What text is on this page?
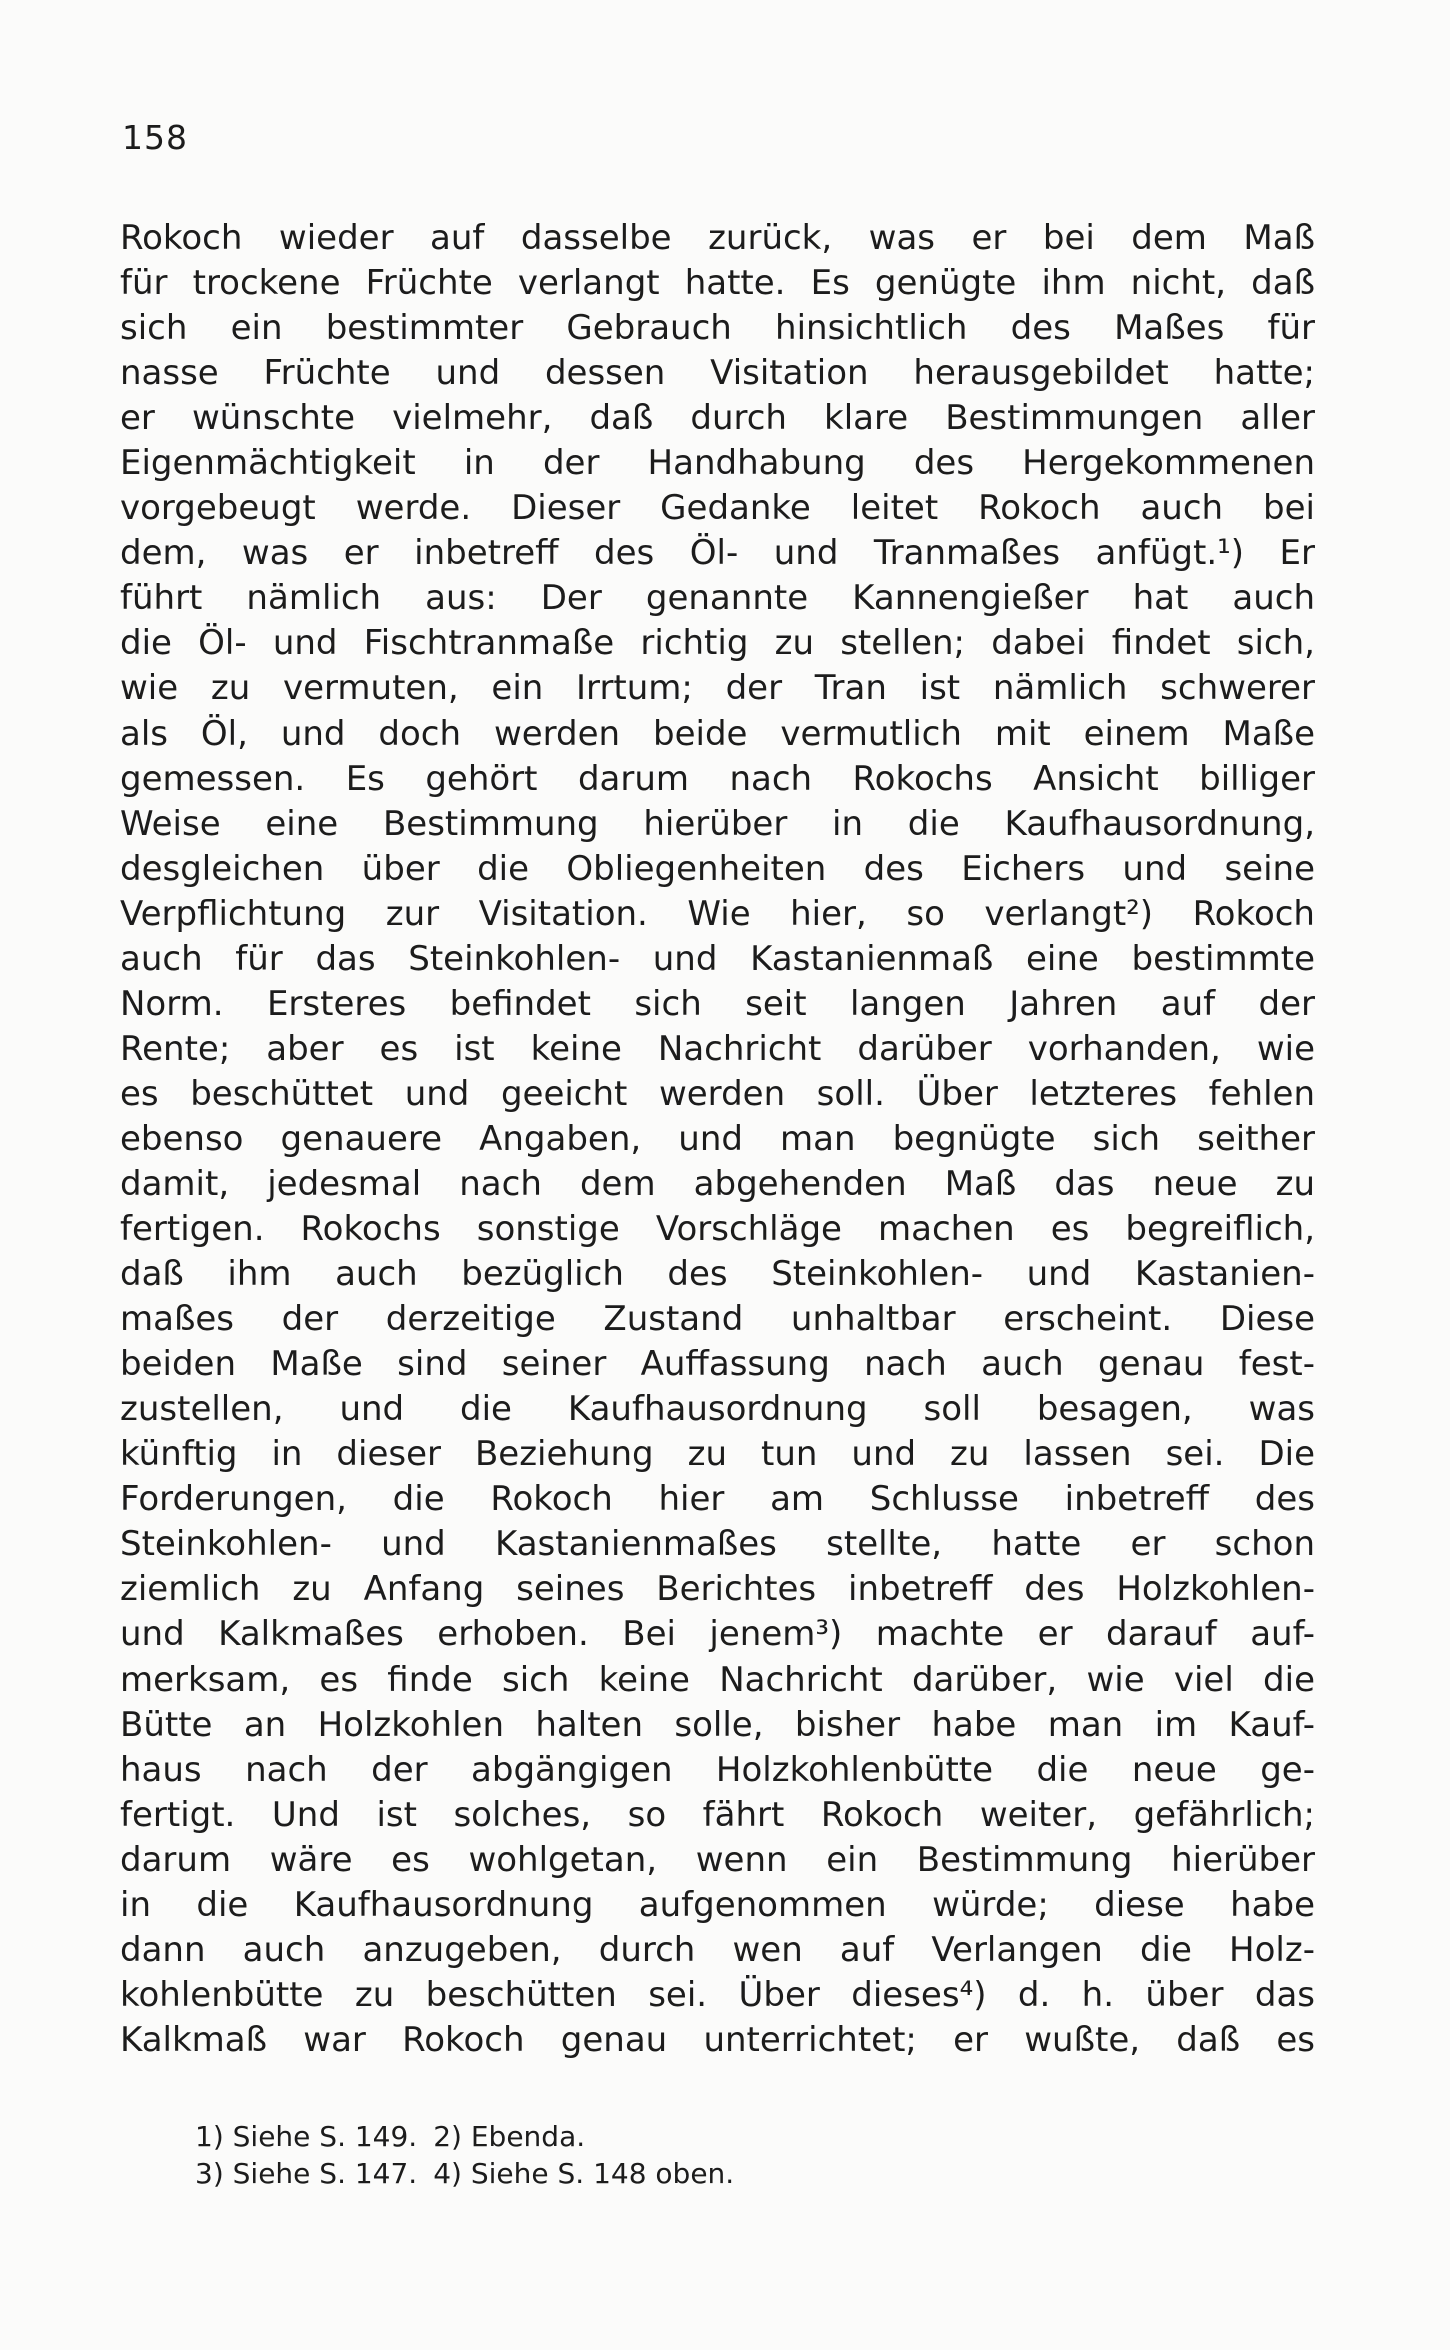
158
Rokoch wieder auf dasselbe zurück, was er bei dem Maß
für trockene Früchte verlangt hatte. Es genügte ihm nicht, daß
sich ein bestimmter Gebrauch hinsichtlich des Maßes für
nasse Früchte und dessen Visitation herausgebildet hatte;
er wünschte vielmehr, daß durch klare Bestimmungen aller
Eigenmächtigkeit in der Handhabung des Hergekommenen
vorgebeugt werde. Dieser Gedanke leitet Rokoch auch bei
dem, was er inbetreff des Öl- und Tranmaßes anfügt.¹) Er
führt nämlich aus: Der genannte Kannengießer hat auch
die Öl- und Fischtranmaße richtig zu stellen; dabei findet sich,
wie zu vermuten, ein Irrtum; der Tran ist nämlich schwerer
als Öl, und doch werden beide vermutlich mit einem Maße
gemessen. Es gehört darum nach Rokochs Ansicht billiger
Weise eine Bestimmung hierüber in die Kaufhausordnung,
desgleichen über die Obliegenheiten des Eichers und seine
Verpflichtung zur Visitation. Wie hier, so verlangt²) Rokoch
auch für das Steinkohlen- und Kastanienmaß eine bestimmte
Norm. Ersteres befindet sich seit langen Jahren auf der
Rente; aber es ist keine Nachricht darüber vorhanden, wie
es beschüttet und geeicht werden soll. Über letzteres fehlen
ebenso genauere Angaben, und man begnügte sich seither
damit, jedesmal nach dem abgehenden Maß das neue zu
fertigen. Rokochs sonstige Vorschläge machen es begreiflich,
daß ihm auch bezüglich des Steinkohlen- und Kastanien-
maßes der derzeitige Zustand unhaltbar erscheint. Diese
beiden Maße sind seiner Auffassung nach auch genau fest-
zustellen, und die Kaufhausordnung soll besagen, was
künftig in dieser Beziehung zu tun und zu lassen sei. Die
Forderungen, die Rokoch hier am Schlusse inbetreff des
Steinkohlen- und Kastanienmaßes stellte, hatte er schon
ziemlich zu Anfang seines Berichtes inbetreff des Holzkohlen-
und Kalkmaßes erhoben. Bei jenem³) machte er darauf auf-
merksam, es finde sich keine Nachricht darüber, wie viel die
Bütte an Holzkohlen halten solle, bisher habe man im Kauf-
haus nach der abgängigen Holzkohlenbütte die neue ge-
fertigt. Und ist solches, so fährt Rokoch weiter, gefährlich;
darum wäre es wohlgetan, wenn ein Bestimmung hierüber
in die Kaufhausordnung aufgenommen würde; diese habe
dann auch anzugeben, durch wen auf Verlangen die Holz-
kohlenbütte zu beschütten sei. Über dieses⁴) d. h. über das
Kalkmaß war Rokoch genau unterrichtet; er wußte, daß es
1) Siehe S. 149. 2) Ebenda.
3) Siehe S. 147. 4) Siehe S. 148 oben.
